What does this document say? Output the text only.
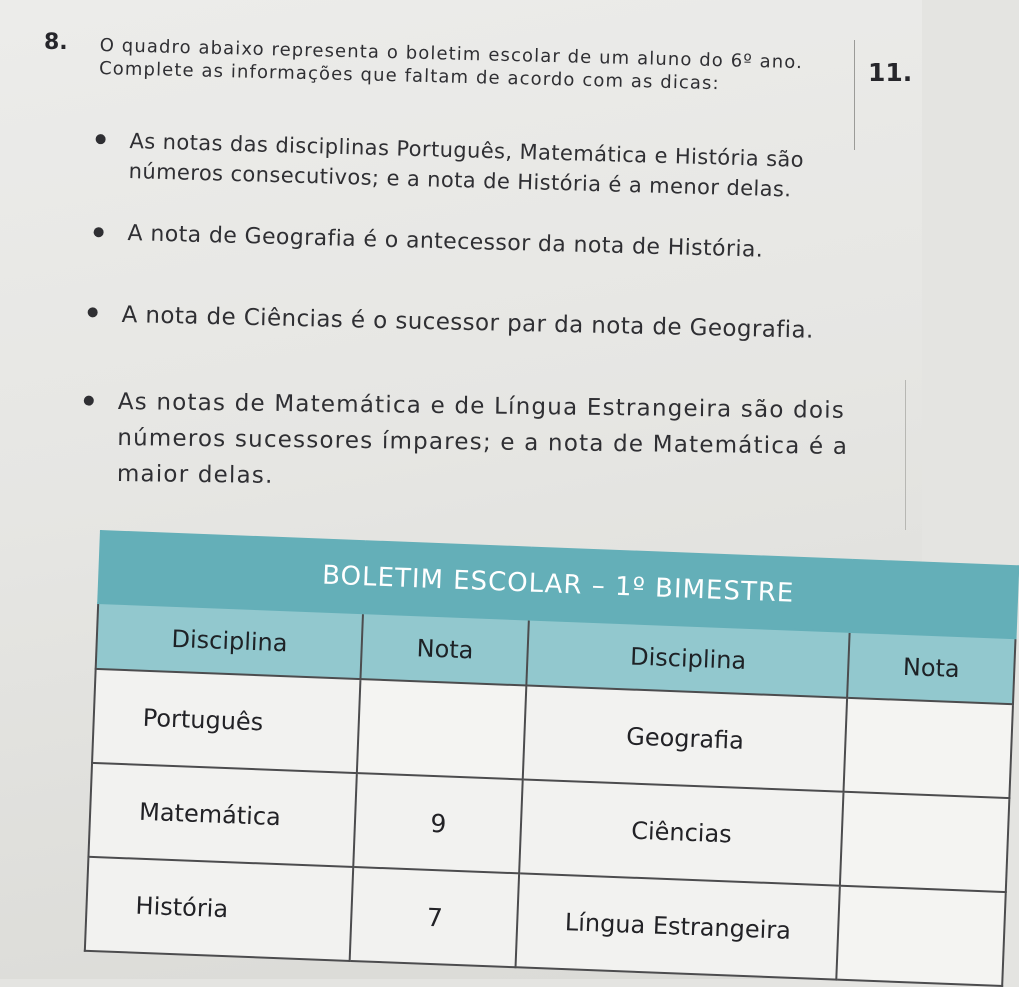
8.
11.

O quadro abaixo representa o boletim escolar de um aluno do 6º ano. Complete as informações que faltam de acordo com as dicas:

As notas das disciplinas Português, Matemática e História são números consecutivos; e a nota de História é a menor delas.

A nota de Geografia é o antecessor da nota de História.

A nota de Ciências é o sucessor par da nota de Geografia.

As notas de Matemática e de Língua Estrangeira são dois números sucessores ímpares; e a nota de Matemática é a maior delas.

BOLETIM ESCOLAR – 1º BIMESTRE			
Disciplina	Nota	Disciplina	Nota
Português		Geografia	
Matemática	9	Ciências	
História	7	Língua Estrangeira	
